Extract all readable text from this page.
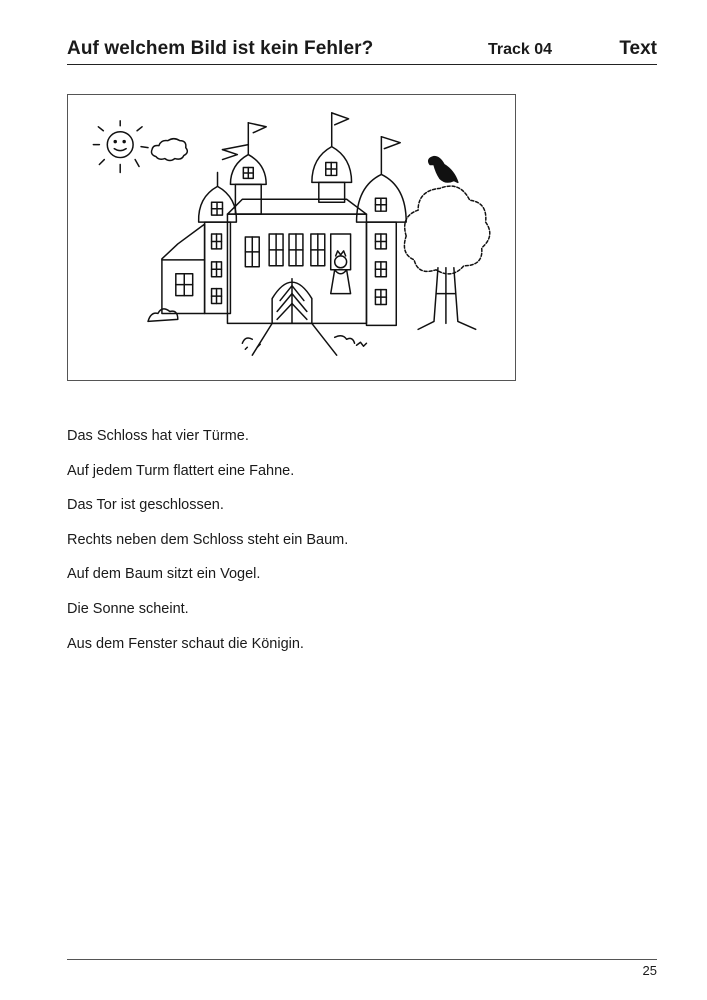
Auf welchem Bild ist kein Fehler?	Track 04	Text
Das Schloss hat vier Türme.
Auf jedem Turm flattert eine Fahne.
Das Tor ist geschlossen.
Rechts neben dem Schloss steht ein Baum.
Auf dem Baum sitzt ein Vogel.
Die Sonne scheint.
Aus dem Fenster schaut die Königin.
25
